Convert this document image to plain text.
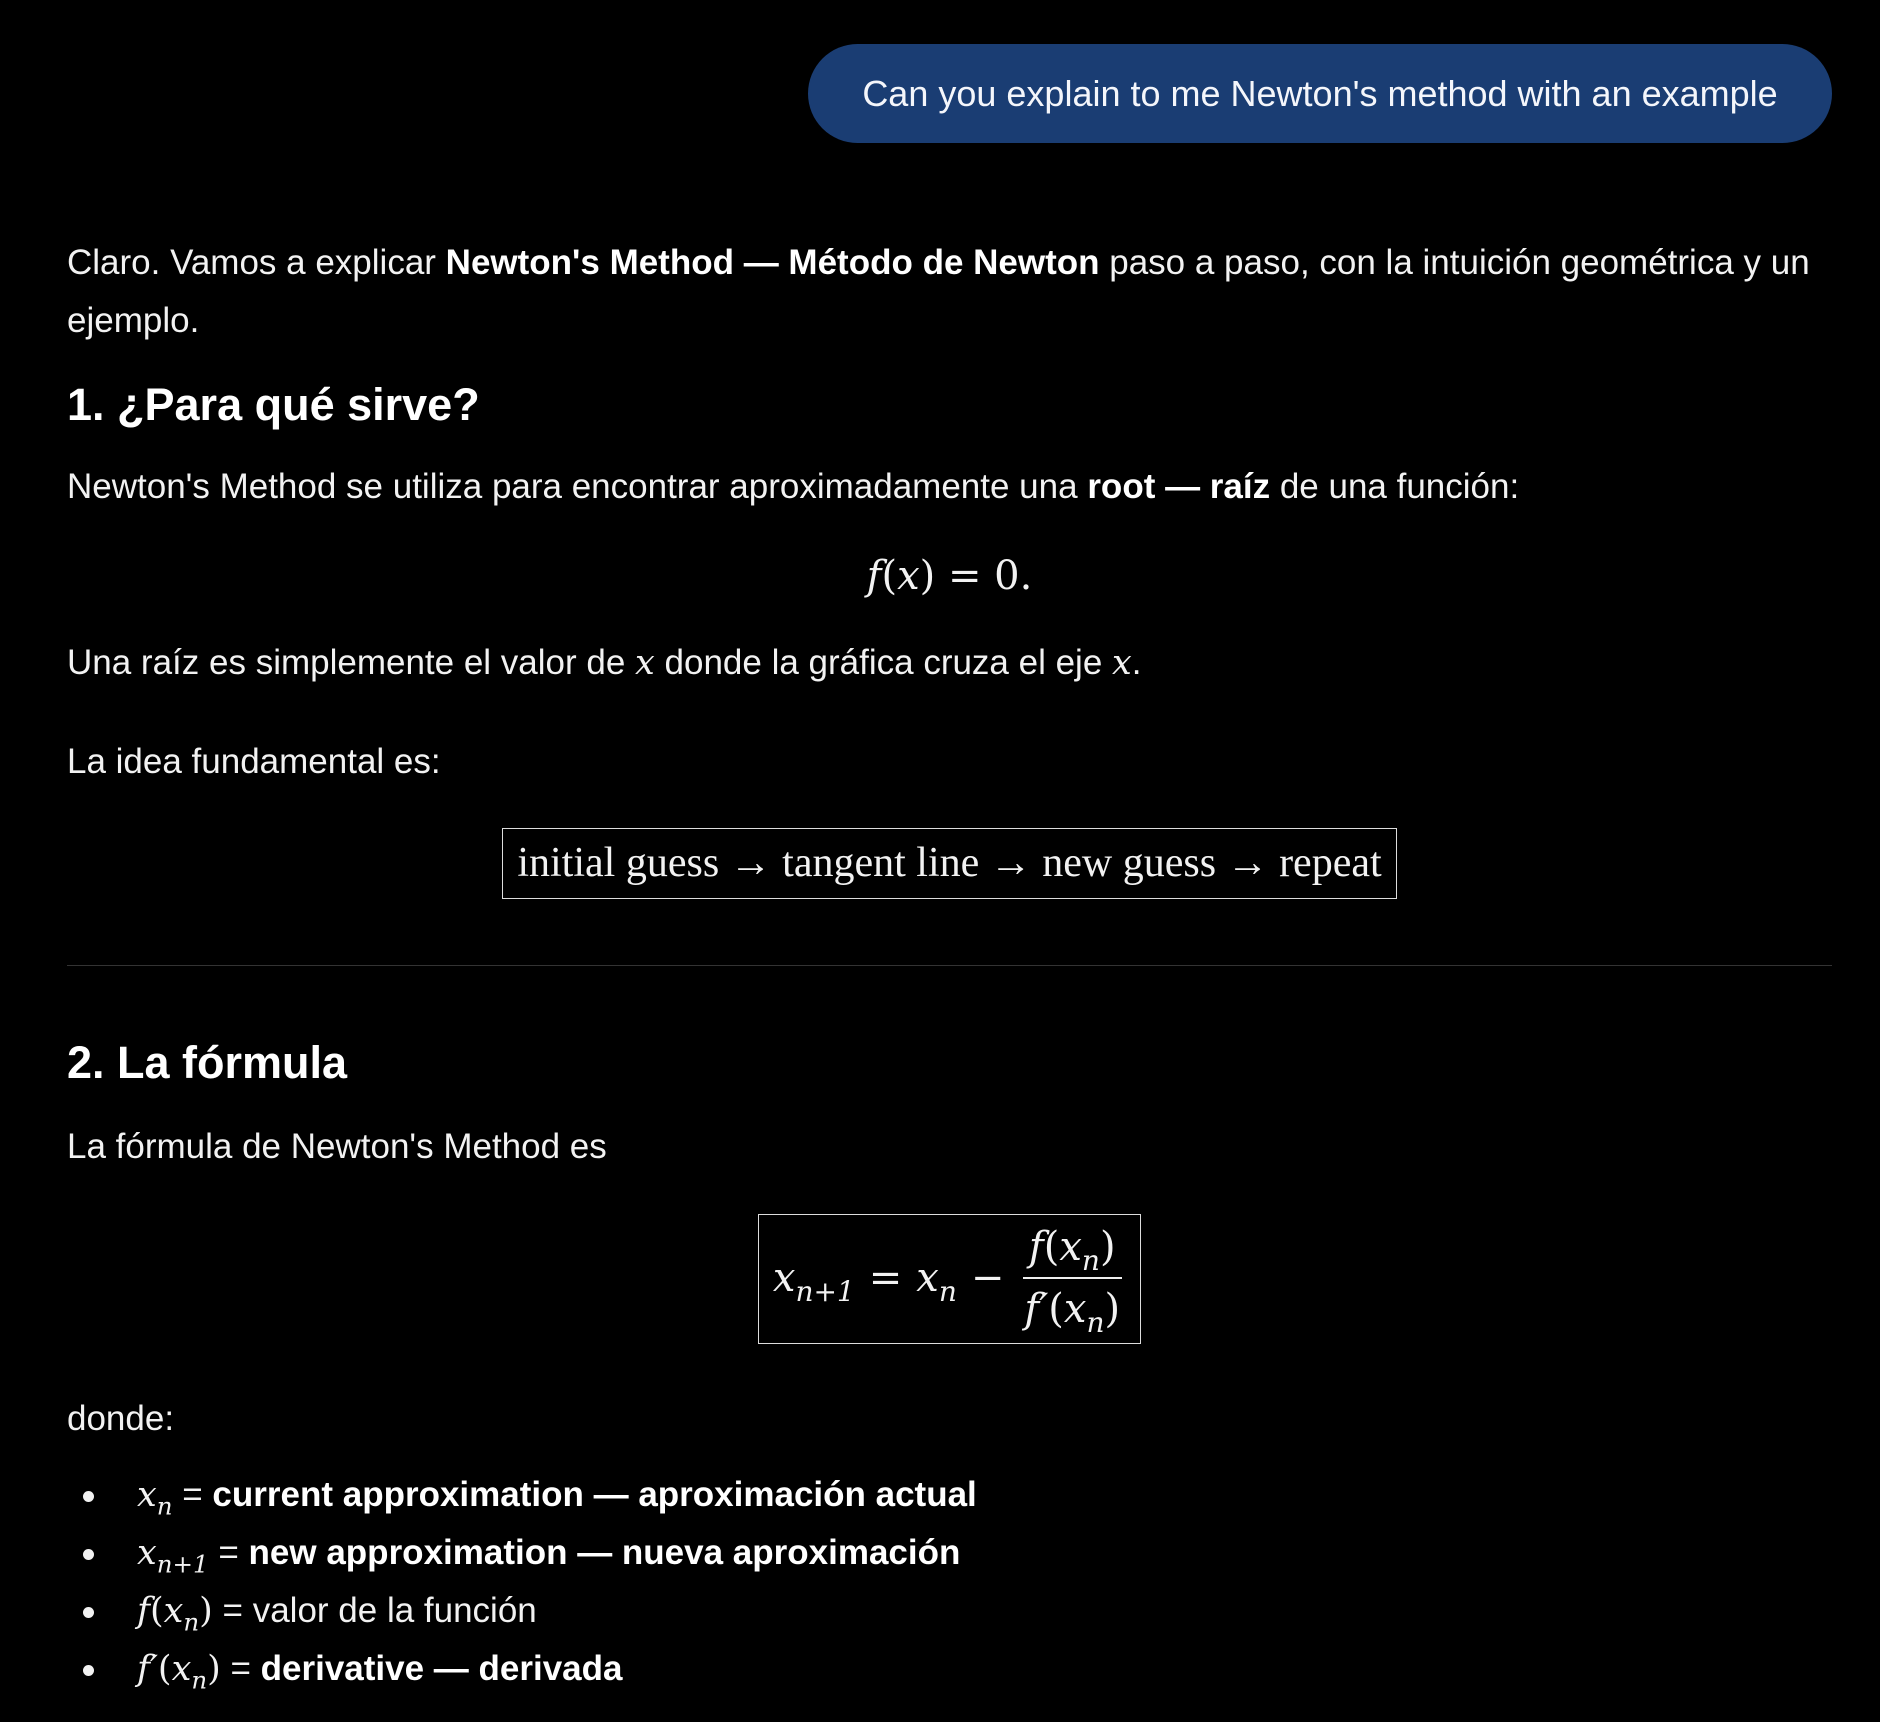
Can you explain to me Newton's method with an example

Claro. Vamos a explicar Newton's Method — Método de Newton paso a paso, con la intuición geométrica y un ejemplo.

1. ¿Para qué sirve?

Newton's Method se utiliza para encontrar aproximadamente una root — raíz de una función:

f(x) = 0.

Una raíz es simplemente el valor de x donde la gráfica cruza el eje x.

La idea fundamental es:

initial guess → tangent line → new guess → repeat
2. La fórmula

La fórmula de Newton's Method es

$x_{n+1} = x_n - \frac{f(x_n)}{f'(x_n)}$

donde:

$x_n$ = current approximation — aproximación actual
$x_{n+1}$ = new approximation — nueva aproximación
$f(x_n)$ = valor de la función
$f'(x_n)$ = derivative — derivada
